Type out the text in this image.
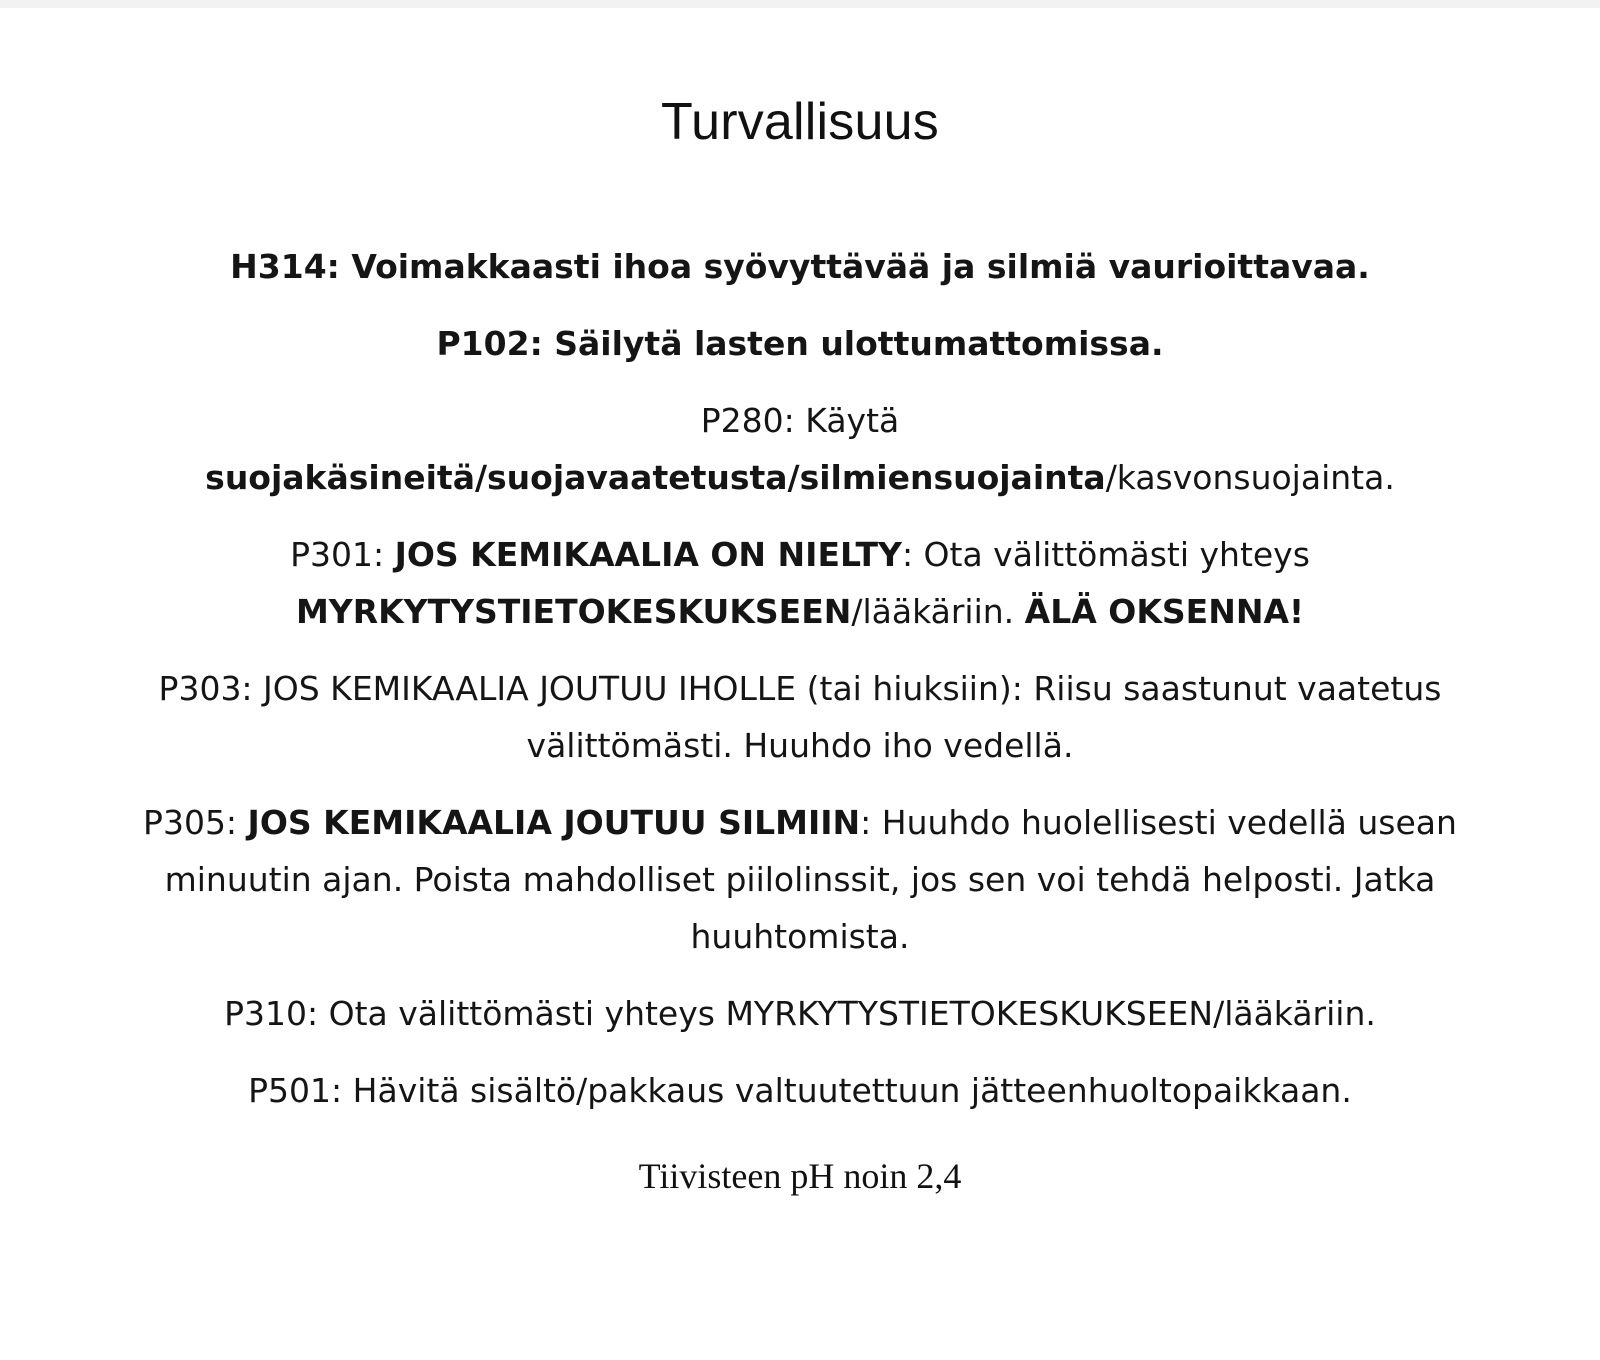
Turvallisuus

H314: Voimakkaasti ihoa syövyttävää ja silmiä vaurioittavaa.

P102: Säilytä lasten ulottumattomissa.

P280: Käytä suojakäsineitä/suojavaatetusta/silmiensuojainta/kasvonsuojainta.

P301: JOS KEMIKAALIA ON NIELTY: Ota välittömästi yhteys
MYRKYTYSTIETOKESKUKSEEN/lääkäriin. ÄLÄ OKSENNA!

P303: JOS KEMIKAALIA JOUTUU IHOLLE (tai hiuksiin): Riisu saastunut vaatetus välittömästi. Huuhdo iho vedellä.

P305: JOS KEMIKAALIA JOUTUU SILMIIN: Huuhdo huolellisesti vedellä usean minuutin ajan. Poista mahdolliset piilolinssit, jos sen voi tehdä helposti. Jatka huuhtomista.

P310: Ota välittömästi yhteys MYRKYTYSTIETOKESKUKSEEN/lääkäriin.

P501: Hävitä sisältö/pakkaus valtuutettuun jätteenhuoltopaikkaan.

Tiivisteen pH noin 2,4
